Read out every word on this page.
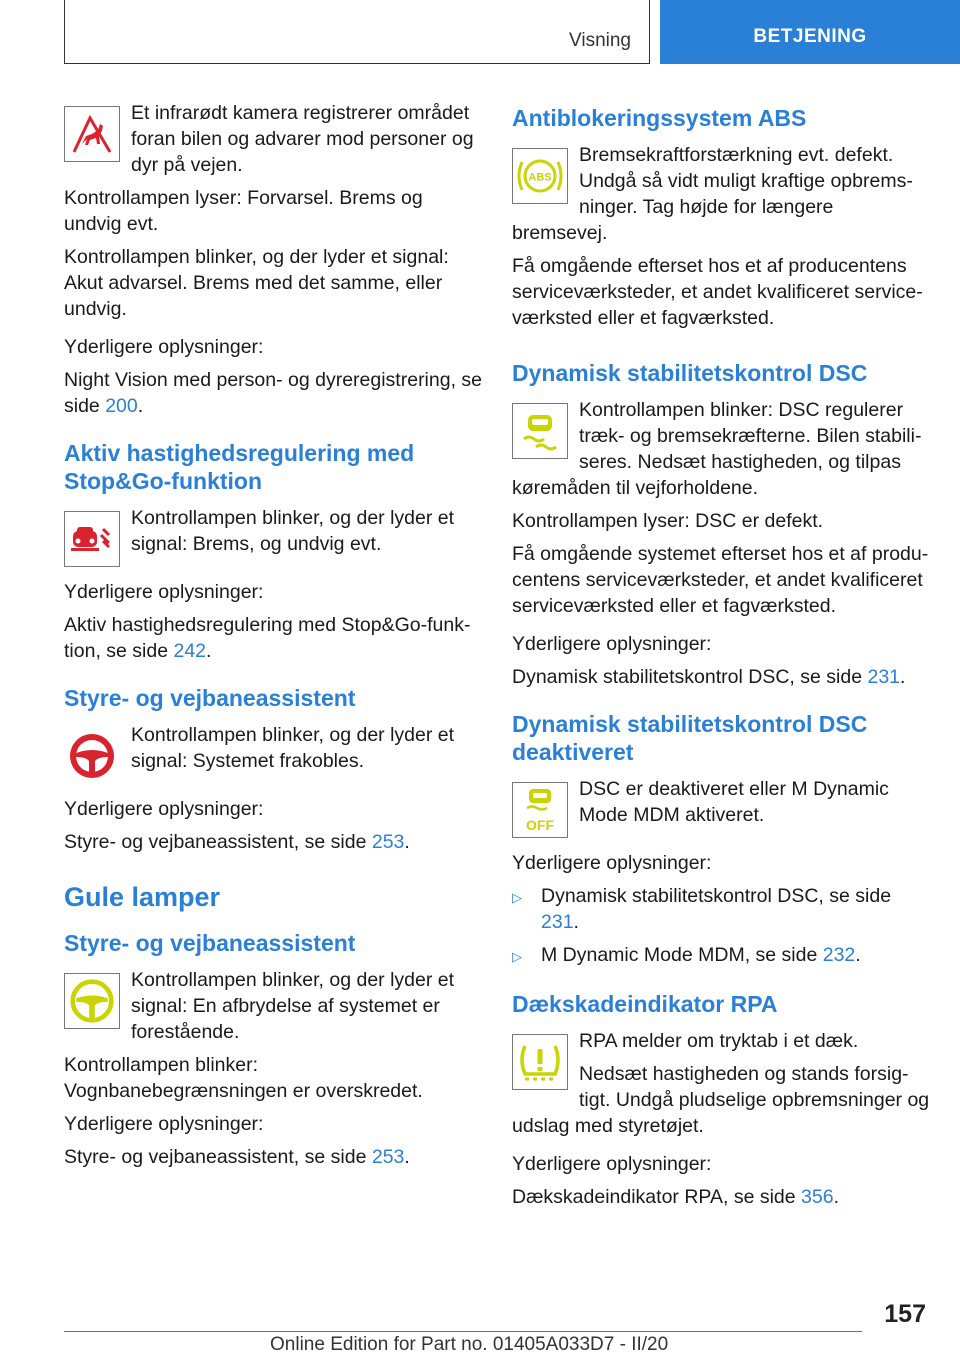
Visning	BETJENING

Et infrarødt kamera registrerer området foran bilen og advarer mod personer og dyr på vejen.

Kontrollampen lyser: Forvarsel. Brems og undvig evt.

Kontrollampen blinker, og der lyder et signal: Akut advarsel. Brems med det samme, eller undvig.

Yderligere oplysninger:

Night Vision med person- og dyreregistrering, se side 200.

Aktiv hastighedsregulering med Stop&Go-funktion

Kontrollampen blinker, og der lyder et signal: Brems, og undvig evt.

Yderligere oplysninger:

Aktiv hastighedsregulering med Stop&Go-funktion, se side 242.

Styre- og vejbaneassistent

Kontrollampen blinker, og der lyder et signal: Systemet frakobles.

Yderligere oplysninger:

Styre- og vejbaneassistent, se side 253.

Gule lamper
Styre- og vejbaneassistent

Kontrollampen blinker, og der lyder et signal: En afbrydelse af systemet er forestående.

Kontrollampen blinker: Vognbanebegrænsningen er overskredet.

Yderligere oplysninger:

Styre- og vejbaneassistent, se side 253.

Antiblokeringssystem ABS
ABS

Bremsekraftforstærkning evt. defekt. Undgå så vidt muligt kraftige opbremsninger. Tag højde for længere bremsevej.

Få omgående efterset hos et af producentens serviceværksteder, et andet kvalificeret serviceværksted eller et fagværksted.

Dynamisk stabilitetskontrol DSC

Kontrollampen blinker: DSC regulerer træk- og bremsekræfterne. Bilen stabiliseres. Nedsæt hastigheden, og tilpas køremåden til vejforholdene.

Kontrollampen lyser: DSC er defekt.

Få omgående systemet efterset hos et af producentens serviceværksteder, et andet kvalificeret serviceværksted eller et fagværksted.

Yderligere oplysninger:

Dynamisk stabilitetskontrol DSC, se side 231.

Dynamisk stabilitetskontrol DSC deaktiveret
OFF

DSC er deaktiveret eller M Dynamic Mode MDM aktiveret.

Yderligere oplysninger:

▷ Dynamisk stabilitetskontrol DSC, se side 231.
▷ M Dynamic Mode MDM, se side 232.
Dækskadeindikator RPA

RPA melder om tryktab i et dæk.

Nedsæt hastigheden og stands forsigtigt. Undgå pludselige opbremsninger og udslag med styretøjet.

Yderligere oplysninger:

Dækskadeindikator RPA, se side 356.

157
Online Edition for Part no. 01405A033D7 - II/20
